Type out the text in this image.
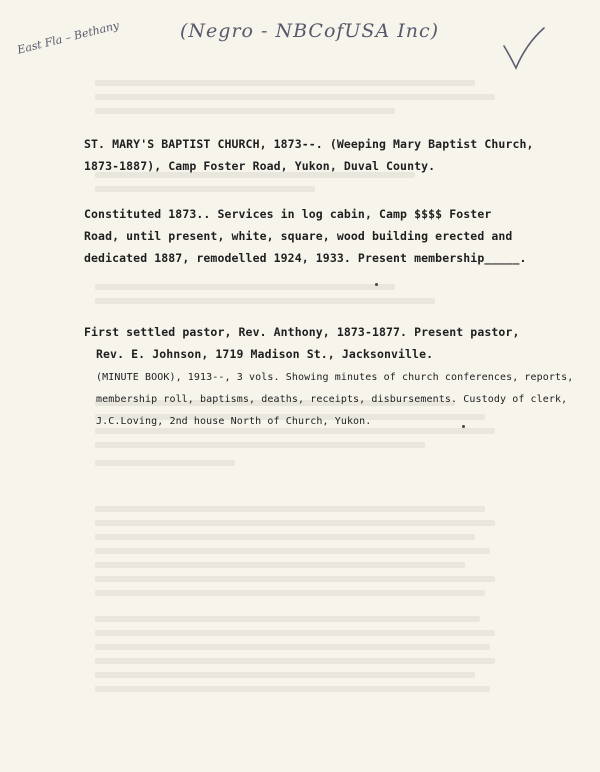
East Fla – Bethany	(Negro - NBCofUSA Inc)
ST. MARY'S BAPTIST CHURCH, 1873--. (Weeping Mary Baptist Church,
1873-1887), Camp Foster Road, Yukon, Duval County.
Constituted 1873.. Services in log cabin, Camp $$$$ Foster
Road, until present, white, square, wood building erected and
dedicated 1887, remodelled 1924, 1933. Present membership_____.
First settled pastor, Rev. Anthony, 1873-1877. Present pastor,
Rev. E. Johnson, 1719 Madison St., Jacksonville.
(MINUTE BOOK), 1913--, 3 vols. Showing minutes of church conferences, reports,
membership roll, baptisms, deaths, receipts, disbursements. Custody of clerk,
J.C.Loving, 2nd house North of Church, Yukon.
